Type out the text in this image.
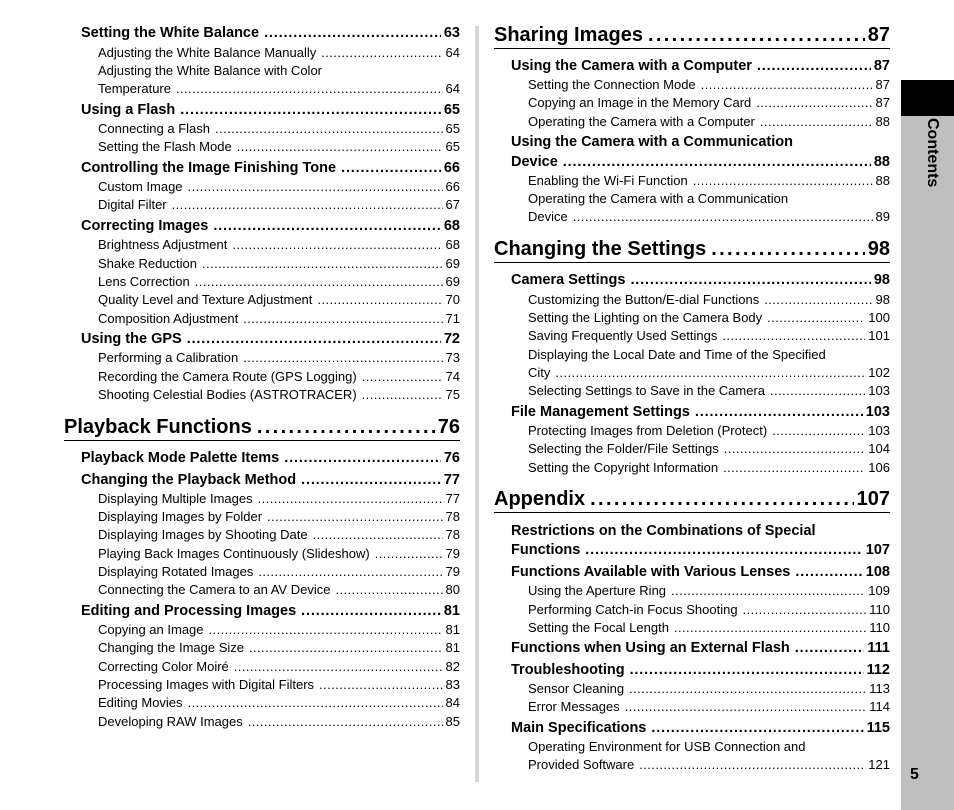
Setting the White Balance . . .	63
Adjusting the White Balance Manually . . .	64
Adjusting the White Balance with Color
Temperature . . .	64
Using a Flash . . .	65
Connecting a Flash . . .	65
Setting the Flash Mode . . .	65
Controlling the Image Finishing Tone . . .	66
Custom Image . . .	66
Digital Filter . . .	67
Correcting Images . . .	68
Brightness Adjustment . . .	68
Shake Reduction . . .	69
Lens Correction . . .	69
Quality Level and Texture Adjustment . . .	70
Composition Adjustment . . .	71
Using the GPS . . .	72
Performing a Calibration . . .	73
Recording the Camera Route (GPS Logging) . . .	74
Shooting Celestial Bodies (ASTROTRACER) . . .	75
Playback Functions . . .	76
Playback Mode Palette Items . . .	76
Changing the Playback Method . . .	77
Displaying Multiple Images . . .	77
Displaying Images by Folder . . .	78
Displaying Images by Shooting Date . . .	78
Playing Back Images Continuously (Slideshow) . . .	79
Displaying Rotated Images . . .	79
Connecting the Camera to an AV Device . . .	80
Editing and Processing Images . . .	81
Copying an Image . . .	81
Changing the Image Size . . .	81
Correcting Color Moiré . . .	82
Processing Images with Digital Filters . . .	83
Editing Movies . . .	84
Developing RAW Images . . .	85
Sharing Images . . .	87
Using the Camera with a Computer . . .	87
Setting the Connection Mode . . .	87
Copying an Image in the Memory Card . . .	87
Operating the Camera with a Computer . . .	88
Using the Camera with a Communication
Device . . .	88
Enabling the Wi-Fi Function . . .	88
Operating the Camera with a Communication
Device . . .	89
Changing the Settings . . .	98
Camera Settings . . .	98
Customizing the Button/E-dial Functions . . .	98
Setting the Lighting on the Camera Body . . .	100
Saving Frequently Used Settings . . .	101
Displaying the Local Date and Time of the Specified
City . . .	102
Selecting Settings to Save in the Camera . . .	103
File Management Settings . . .	103
Protecting Images from Deletion (Protect) . . .	103
Selecting the Folder/File Settings . . .	104
Setting the Copyright Information . . .	106
Appendix . . .	107
Restrictions on the Combinations of Special
Functions . . .	107
Functions Available with Various Lenses . . .	108
Using the Aperture Ring . . .	109
Performing Catch-in Focus Shooting . . .	110
Setting the Focal Length . . .	110
Functions when Using an External Flash . . .	111
Troubleshooting . . .	112
Sensor Cleaning . . .	113
Error Messages . . .	114
Main Specifications . . .	115
Operating Environment for USB Connection and
Provided Software . . .	121
Contents
5
